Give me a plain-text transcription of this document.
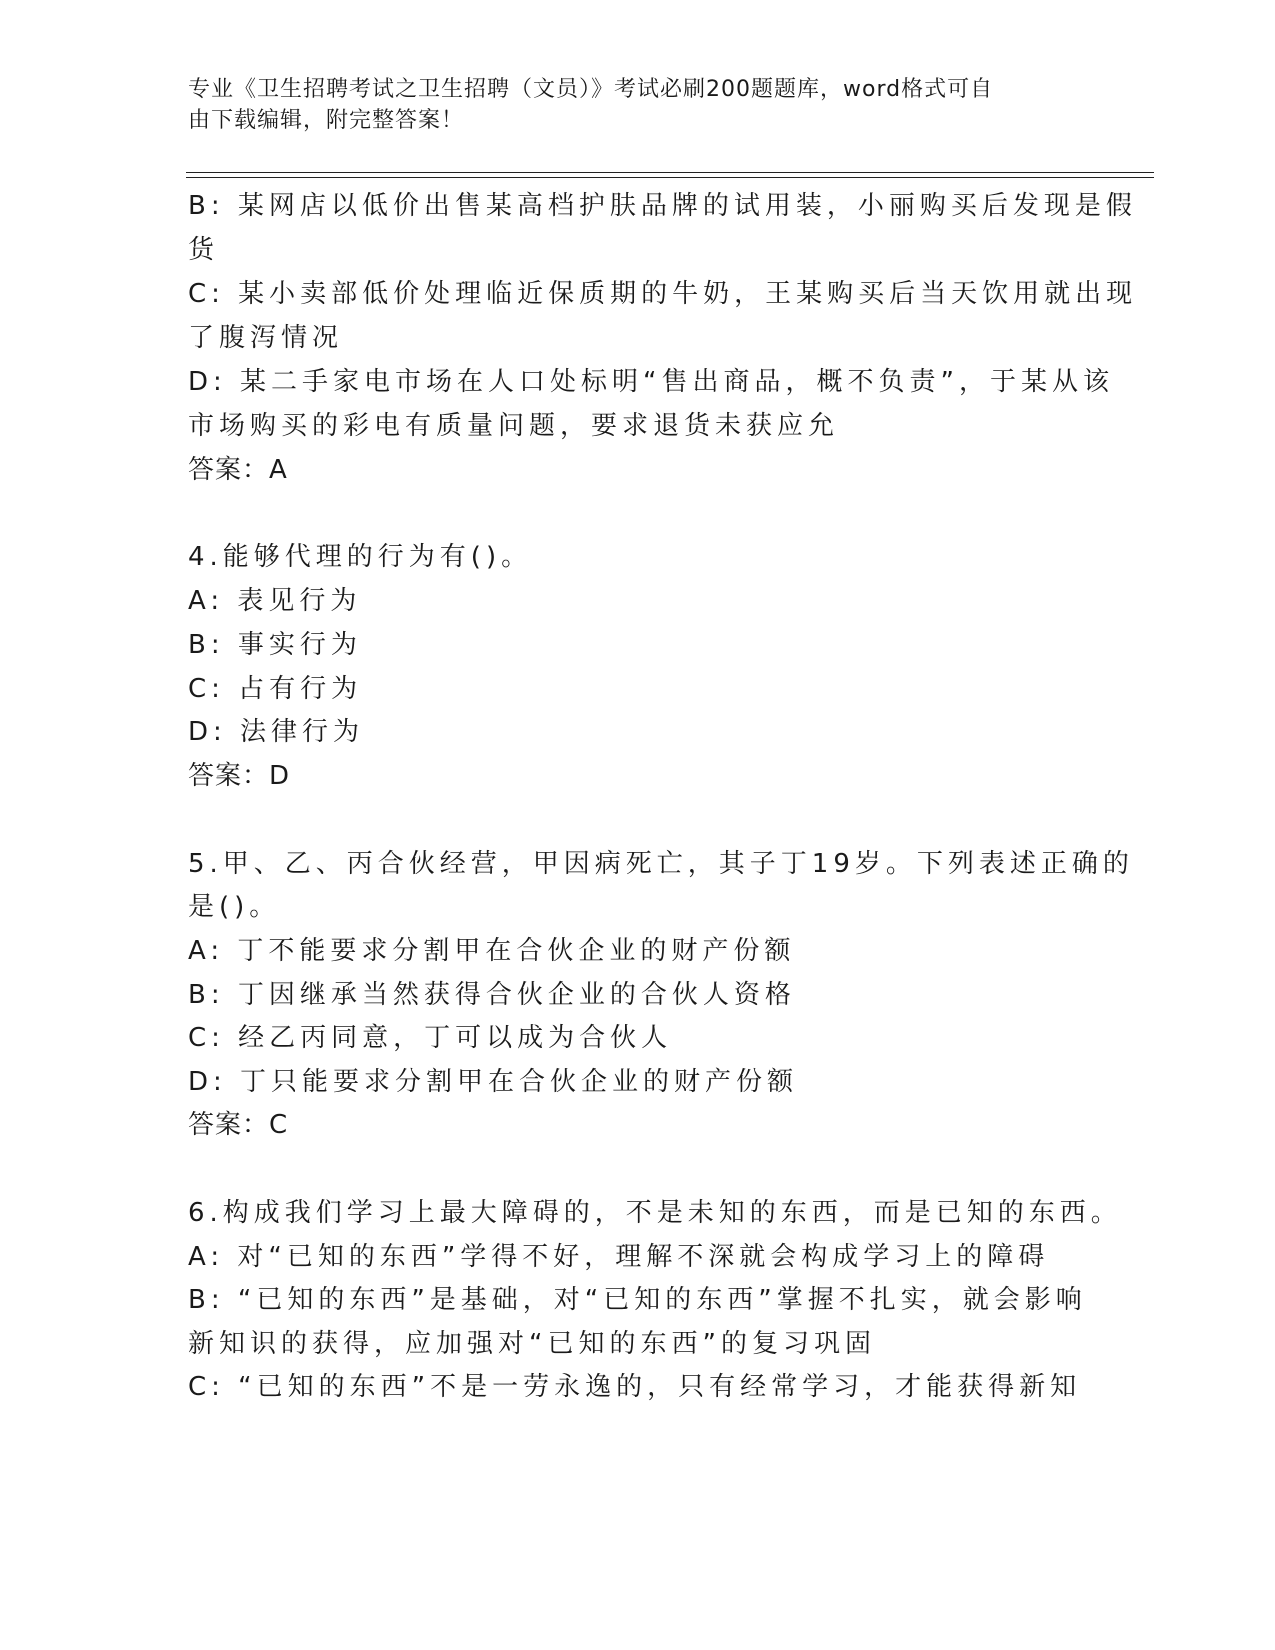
专业《卫生招聘考试之卫生招聘（文员）》考试必刷200题题库，word格式可自
由下载编辑，附完整答案！
B: 某网店以低价出售某高档护肤品牌的试用装，小丽购买后发现是假
货
C: 某小卖部低价处理临近保质期的牛奶，王某购买后当天饮用就出现
了腹泻情况
D: 某二手家电市场在人口处标明“售出商品，概不负责”，于某从该
市场购买的彩电有质量问题，要求退货未获应允
答案：A
4.能够代理的行为有()。
A: 表见行为
B: 事实行为
C: 占有行为
D: 法律行为
答案：D
5.甲、乙、丙合伙经营，甲因病死亡，其子丁19岁。下列表述正确的
是()。
A: 丁不能要求分割甲在合伙企业的财产份额
B: 丁因继承当然获得合伙企业的合伙人资格
C: 经乙丙同意，丁可以成为合伙人
D: 丁只能要求分割甲在合伙企业的财产份额
答案：C
6.构成我们学习上最大障碍的，不是未知的东西，而是已知的东西。
A: 对“已知的东西”学得不好，理解不深就会构成学习上的障碍
B: “已知的东西”是基础，对“已知的东西”掌握不扎实，就会影响
新知识的获得，应加强对“已知的东西”的复习巩固
C: “已知的东西”不是一劳永逸的，只有经常学习，才能获得新知
